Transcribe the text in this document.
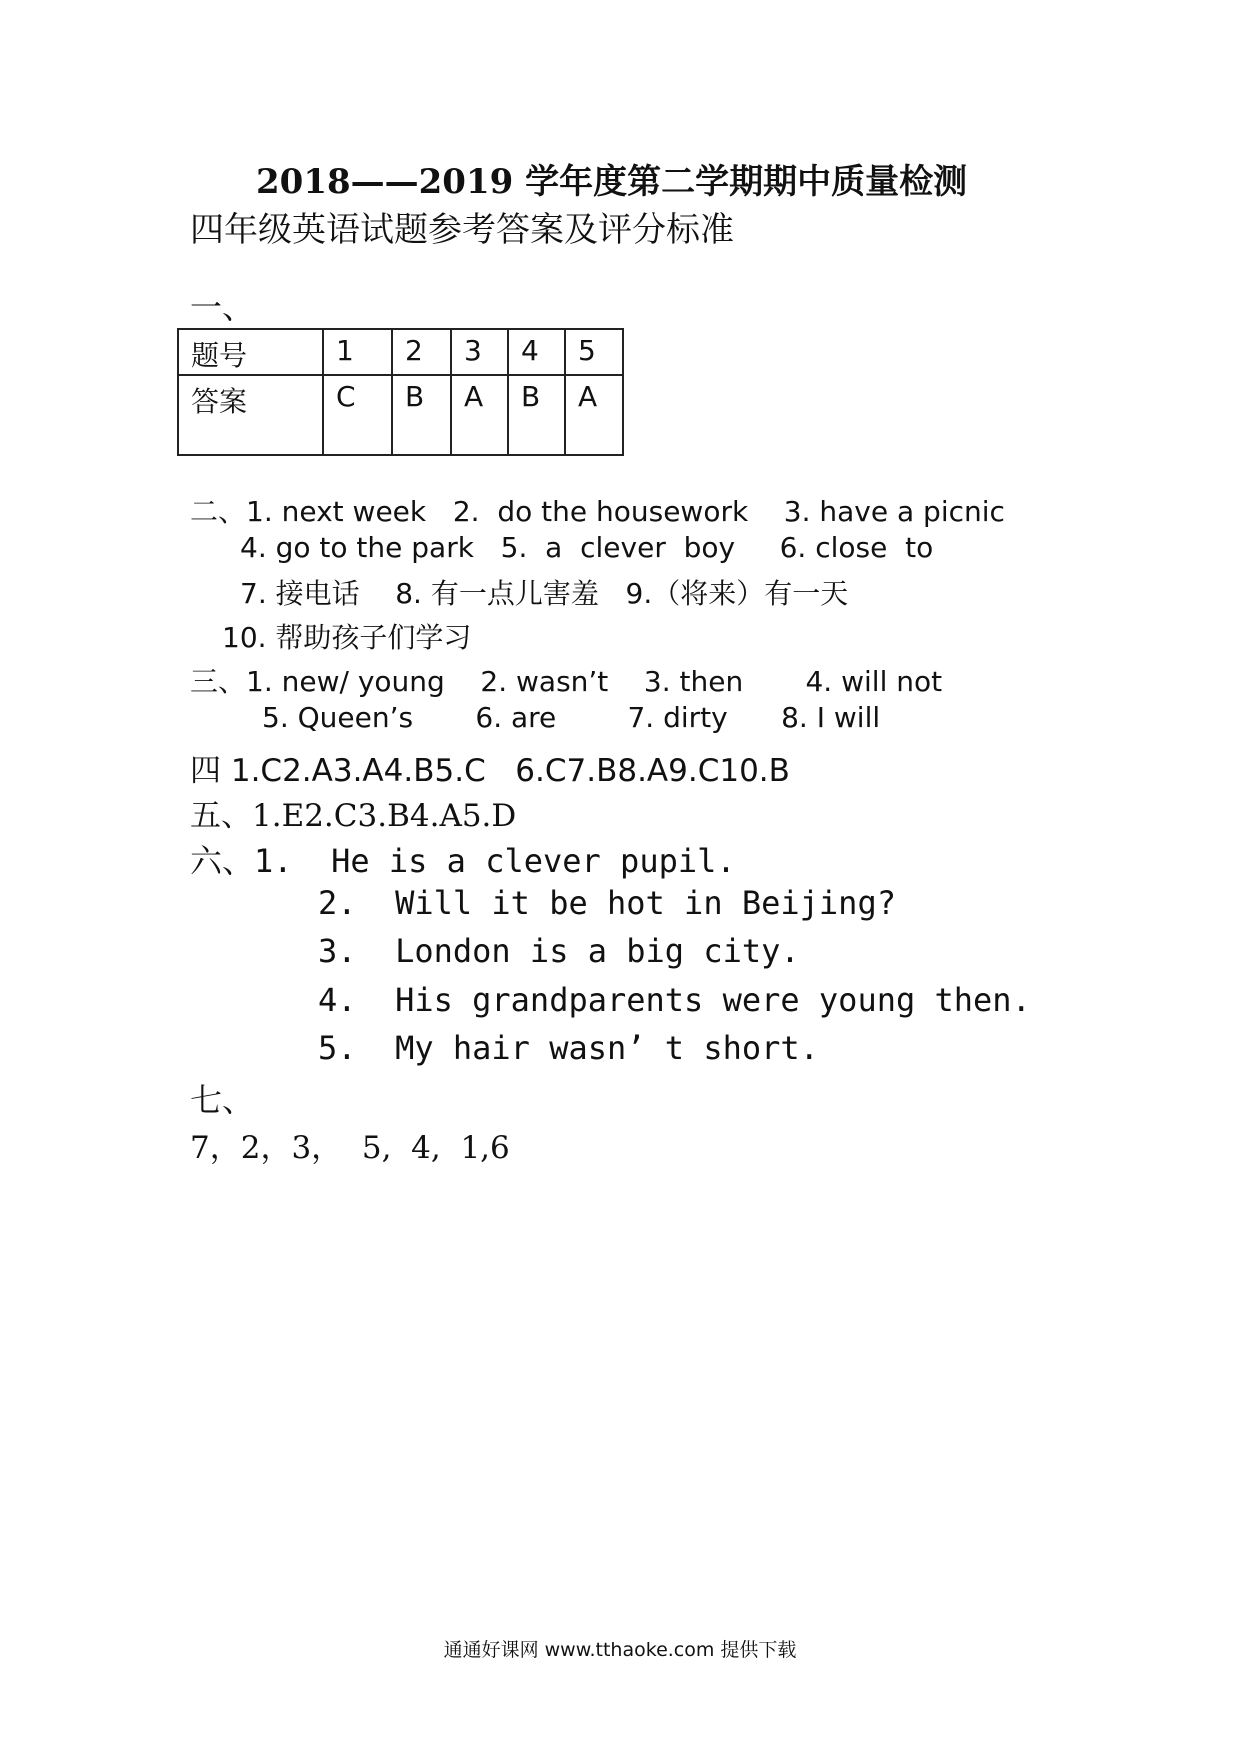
2018——2019 学年度第二学期期中质量检测
四年级英语试题参考答案及评分标准
一、
题号	1	2	3	4	5
答案	C	B	A	B	A
二、1. next week   2.  do the housework    3. have a picnic
4. go to the park   5.  a  clever  boy     6. close  to
7. 接电话    8. 有一点儿害羞   9.（将来）有一天
10. 帮助孩子们学习
三、1. new/ young    2. wasn’t    3. then       4. will not
5. Queen’s       6. are        7. dirty      8. I will
四 1.C2.A3.A4.B5.C   6.C7.B8.A9.C10.B
五、1.E2.C3.B4.A5.D
六、1.  He is a clever pupil.
2.  Will it be hot in Beijing?
3.  London is a big city.
4.  His grandparents were young then.
5.  My hair wasn’ t short.
七、
7，2，3，  5,  4,  1,6
通通好课网 www.tthaoke.com 提供下载
